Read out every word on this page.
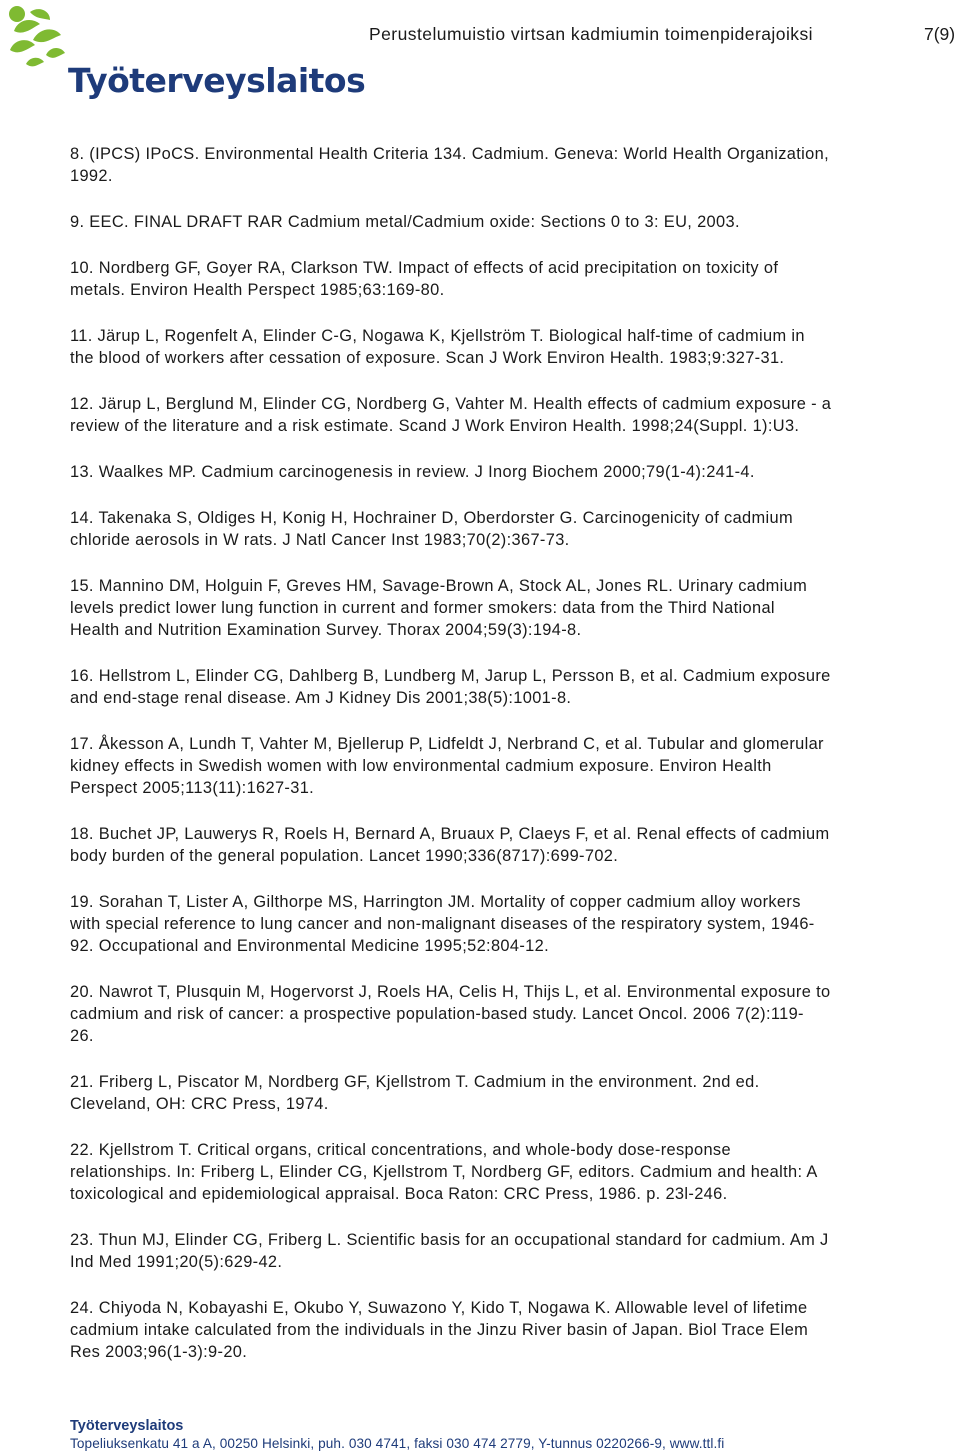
Työterveyslaitos
Perustelumuistio virtsan kadmiumin toimenpiderajoiksi	7(9)

8. (IPCS) IPoCS. Environmental Health Criteria 134. Cadmium. Geneva: World Health Organization,
1992.

9. EEC. FINAL DRAFT RAR Cadmium metal/Cadmium oxide: Sections 0 to 3: EU, 2003.

10. Nordberg GF, Goyer RA, Clarkson TW. Impact of effects of acid precipitation on toxicity of
metals. Environ Health Perspect 1985;63:169-80.

11. Järup L, Rogenfelt A, Elinder C-G, Nogawa K, Kjellström T. Biological half-time of cadmium in
the blood of workers after cessation of exposure. Scan J Work Environ Health. 1983;9:327-31.

12. Järup L, Berglund M, Elinder CG, Nordberg G, Vahter M. Health effects of cadmium exposure - a
review of the literature and a risk estimate. Scand J Work Environ Health. 1998;24(Suppl. 1):U3.

13. Waalkes MP. Cadmium carcinogenesis in review. J Inorg Biochem 2000;79(1-4):241-4.

14. Takenaka S, Oldiges H, Konig H, Hochrainer D, Oberdorster G. Carcinogenicity of cadmium
chloride aerosols in W rats. J Natl Cancer Inst 1983;70(2):367-73.

15. Mannino DM, Holguin F, Greves HM, Savage-Brown A, Stock AL, Jones RL. Urinary cadmium
levels predict lower lung function in current and former smokers: data from the Third National
Health and Nutrition Examination Survey. Thorax 2004;59(3):194-8.

16. Hellstrom L, Elinder CG, Dahlberg B, Lundberg M, Jarup L, Persson B, et al. Cadmium exposure
and end-stage renal disease. Am J Kidney Dis 2001;38(5):1001-8.

17. Åkesson A, Lundh T, Vahter M, Bjellerup P, Lidfeldt J, Nerbrand C, et al. Tubular and glomerular
kidney effects in Swedish women with low environmental cadmium exposure. Environ Health
Perspect 2005;113(11):1627-31.

18. Buchet JP, Lauwerys R, Roels H, Bernard A, Bruaux P, Claeys F, et al. Renal effects of cadmium
body burden of the general population. Lancet 1990;336(8717):699-702.

19. Sorahan T, Lister A, Gilthorpe MS, Harrington JM. Mortality of copper cadmium alloy workers
with special reference to lung cancer and non-malignant diseases of the respiratory system, 1946-
92. Occupational and Environmental Medicine 1995;52:804-12.

20. Nawrot T, Plusquin M, Hogervorst J, Roels HA, Celis H, Thijs L, et al. Environmental exposure to
cadmium and risk of cancer: a prospective population-based study. Lancet Oncol. 2006 7(2):119-
26.

21. Friberg L, Piscator M, Nordberg GF, Kjellstrom T. Cadmium in the environment. 2nd ed.
Cleveland, OH: CRC Press, 1974.

22. Kjellstrom T. Critical organs, critical concentrations, and whole-body dose-response
relationships. In: Friberg L, Elinder CG, Kjellstrom T, Nordberg GF, editors. Cadmium and health: A
toxicological and epidemiological appraisal. Boca Raton: CRC Press, 1986. p. 23l-246.

23. Thun MJ, Elinder CG, Friberg L. Scientific basis for an occupational standard for cadmium. Am J
Ind Med 1991;20(5):629-42.

24. Chiyoda N, Kobayashi E, Okubo Y, Suwazono Y, Kido T, Nogawa K. Allowable level of lifetime
cadmium intake calculated from the individuals in the Jinzu River basin of Japan. Biol Trace Elem
Res 2003;96(1-3):9-20.

Työterveyslaitos
Topeliuksenkatu 41 a A, 00250 Helsinki, puh. 030 4741, faksi 030 474 2779, Y-tunnus 0220266-9, www.ttl.fi
